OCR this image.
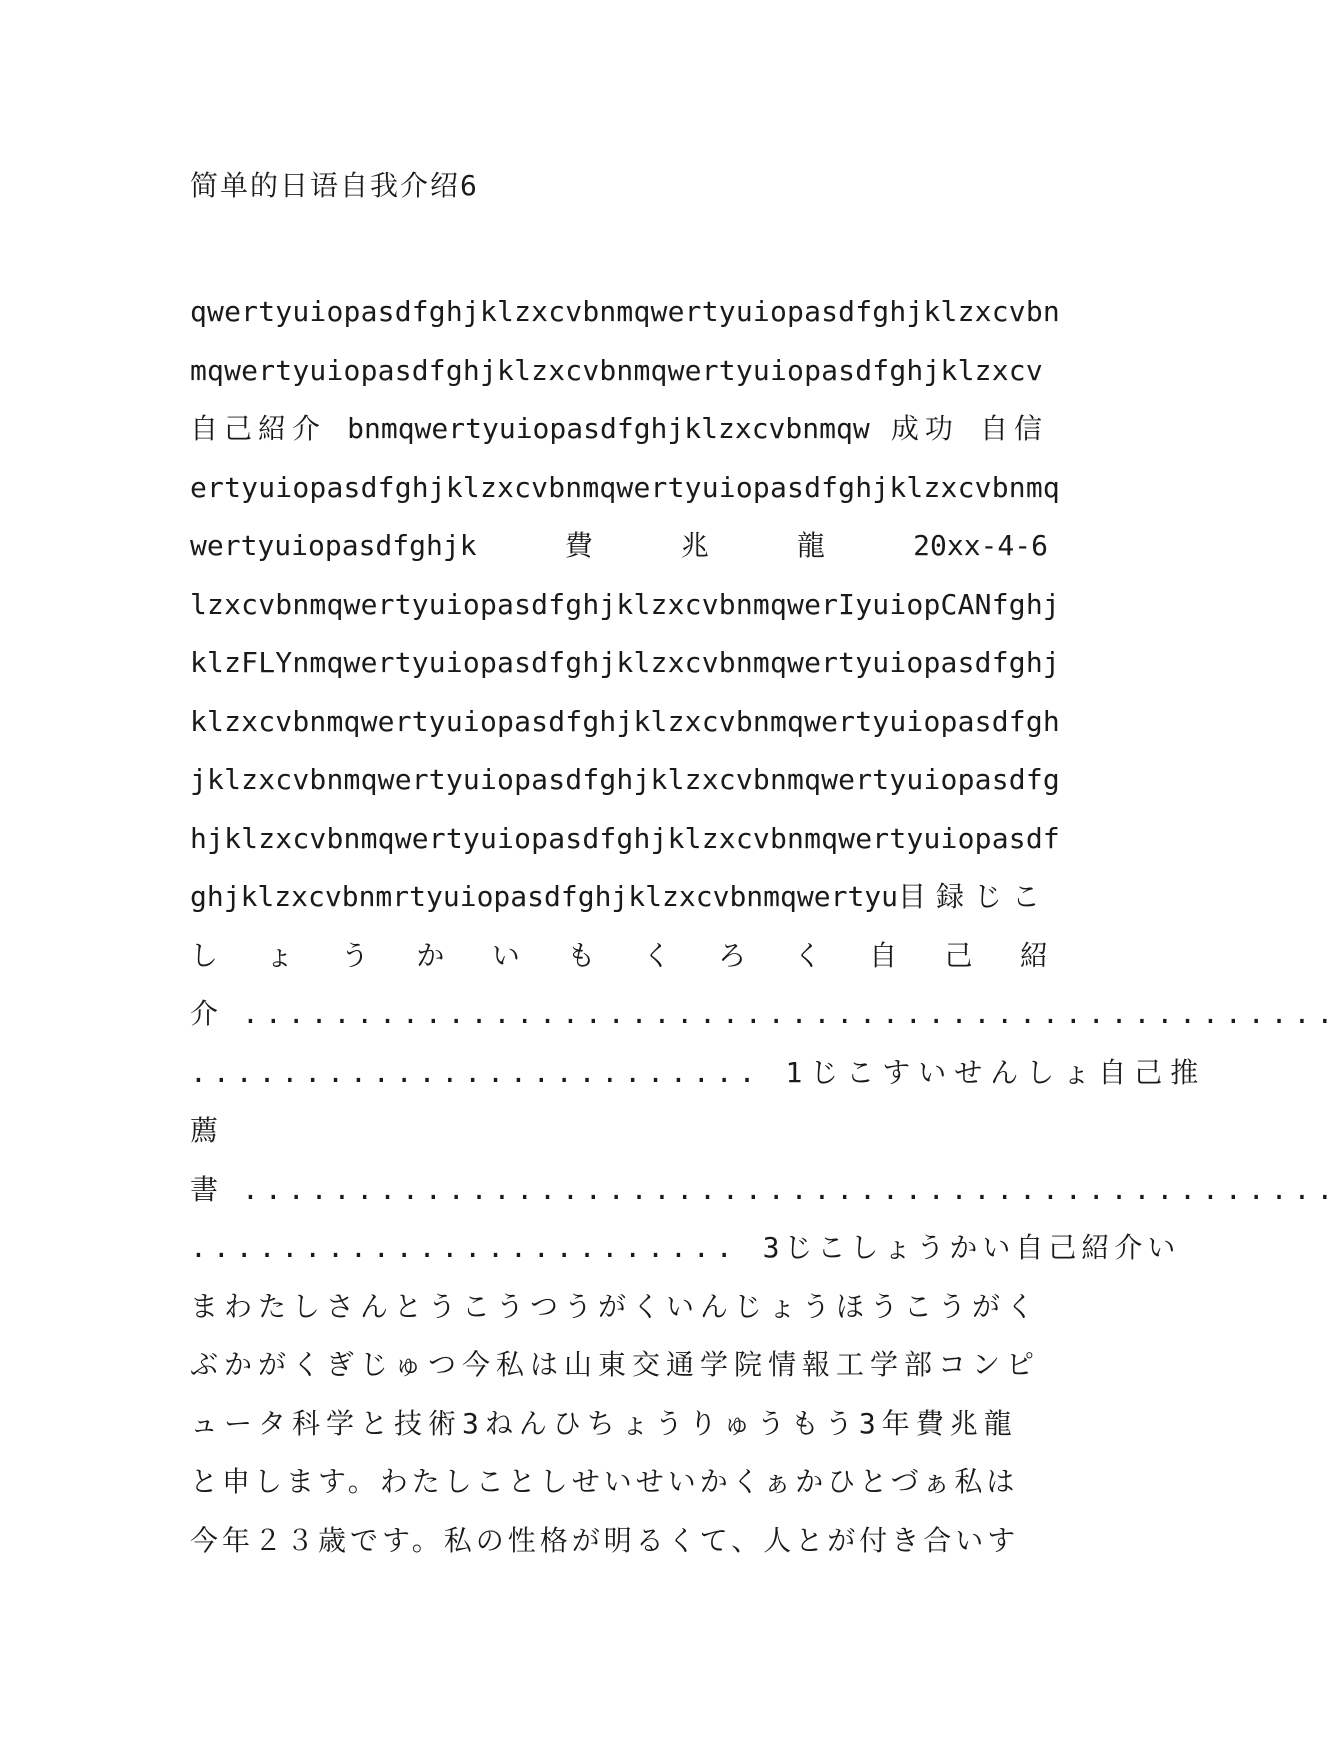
简单的日语自我介绍6
qwertyuiopasdfghjklzxcvbnmqwertyuiopasdfghjklzxcvbn
mqwertyuiopasdfghjklzxcvbnmqwertyuiopasdfghjklzxcv
自己紹介 bnmqwertyuiopasdfghjklzxcvbnmqw 成功 自信
ertyuiopasdfghjklzxcvbnmqwertyuiopasdfghjklzxcvbnmq
wertyuiopasdfghjk	費	兆	龍	20xx-4-6
lzxcvbnmqwertyuiopasdfghjklzxcvbnmqwerIyuiopCANfghj
klzFLYnmqwertyuiopasdfghjklzxcvbnmqwertyuiopasdfghj
klzxcvbnmqwertyuiopasdfghjklzxcvbnmqwertyuiopasdfgh
jklzxcvbnmqwertyuiopasdfghjklzxcvbnmqwertyuiopasdfg
hjklzxcvbnmqwertyuiopasdfghjklzxcvbnmqwertyuiopasdf
ghjklzxcvbnmrtyuiopasdfghjklzxcvbnmqwertyu 目録じこ
し ょ う か い も く ろ く 自 己 紹
介 ................................................
......................... 1じこすいせんしょ自己推
薦
書 ................................................
........................ 3じこしょうかい自己紹介い
まわたしさんとうこうつうがくいんじょうほうこうがく
ぶかがくぎじゅつ今私は山東交通学院情報工学部コンピ
ュータ科学と技術3ねんひちょうりゅうもう3年費兆龍
と申します。わたしことしせいせいかくぁかひとづぁ私は
今年２３歳です。私の性格が明るくて、人とが付き合いす
